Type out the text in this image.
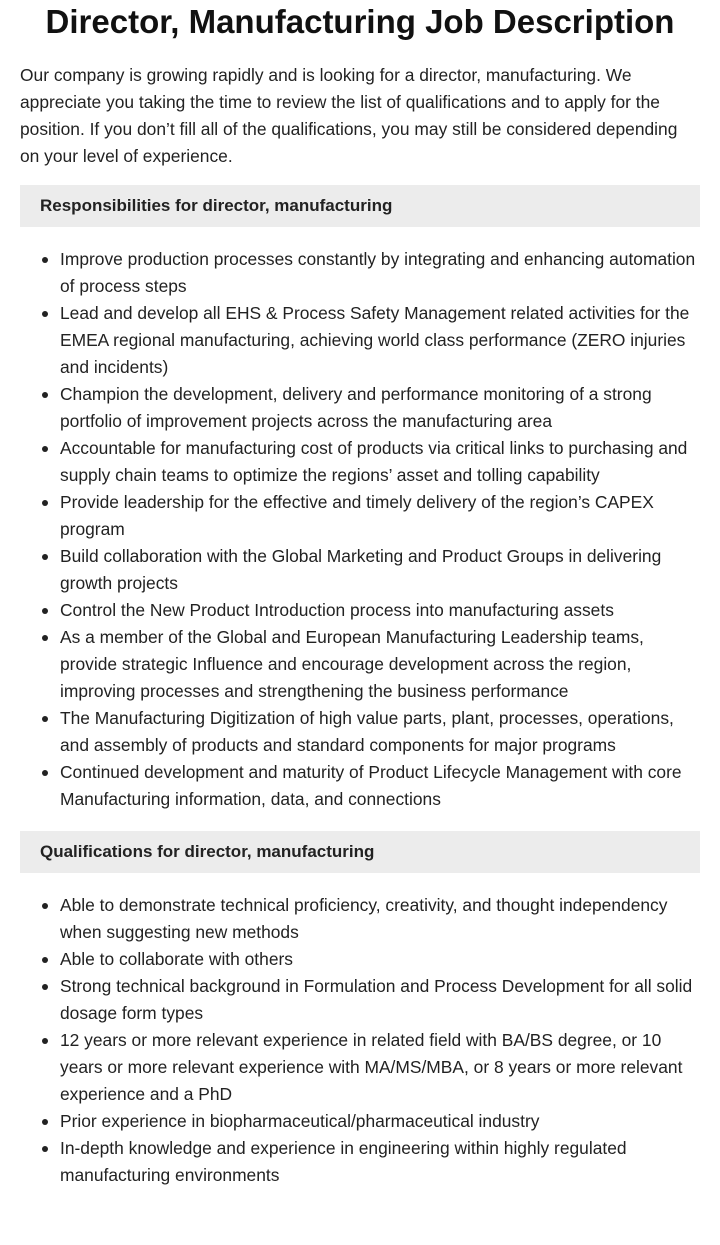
Director, Manufacturing Job Description

Our company is growing rapidly and is looking for a director, manufacturing. We appreciate you taking the time to review the list of qualifications and to apply for the position. If you don’t fill all of the qualifications, you may still be considered depending on your level of experience.

Responsibilities for director, manufacturing
Improve production processes constantly by integrating and enhancing automation of process steps
Lead and develop all EHS & Process Safety Management related activities for the EMEA regional manufacturing, achieving world class performance (ZERO injuries and incidents)
Champion the development, delivery and performance monitoring of a strong portfolio of improvement projects across the manufacturing area
Accountable for manufacturing cost of products via critical links to purchasing and supply chain teams to optimize the regions’ asset and tolling capability
Provide leadership for the effective and timely delivery of the region’s CAPEX program
Build collaboration with the Global Marketing and Product Groups in delivering growth projects
Control the New Product Introduction process into manufacturing assets
As a member of the Global and European Manufacturing Leadership teams, provide strategic Influence and encourage development across the region, improving processes and strengthening the business performance
The Manufacturing Digitization of high value parts, plant, processes, operations, and assembly of products and standard components for major programs
Continued development and maturity of Product Lifecycle Management with core Manufacturing information, data, and connections
Qualifications for director, manufacturing
Able to demonstrate technical proficiency, creativity, and thought independency when suggesting new methods
Able to collaborate with others
Strong technical background in Formulation and Process Development for all solid dosage form types
12 years or more relevant experience in related field with BA/BS degree, or 10 years or more relevant experience with MA/MS/MBA, or 8 years or more relevant experience and a PhD
Prior experience in biopharmaceutical/pharmaceutical industry
In-depth knowledge and experience in engineering within highly regulated manufacturing environments
